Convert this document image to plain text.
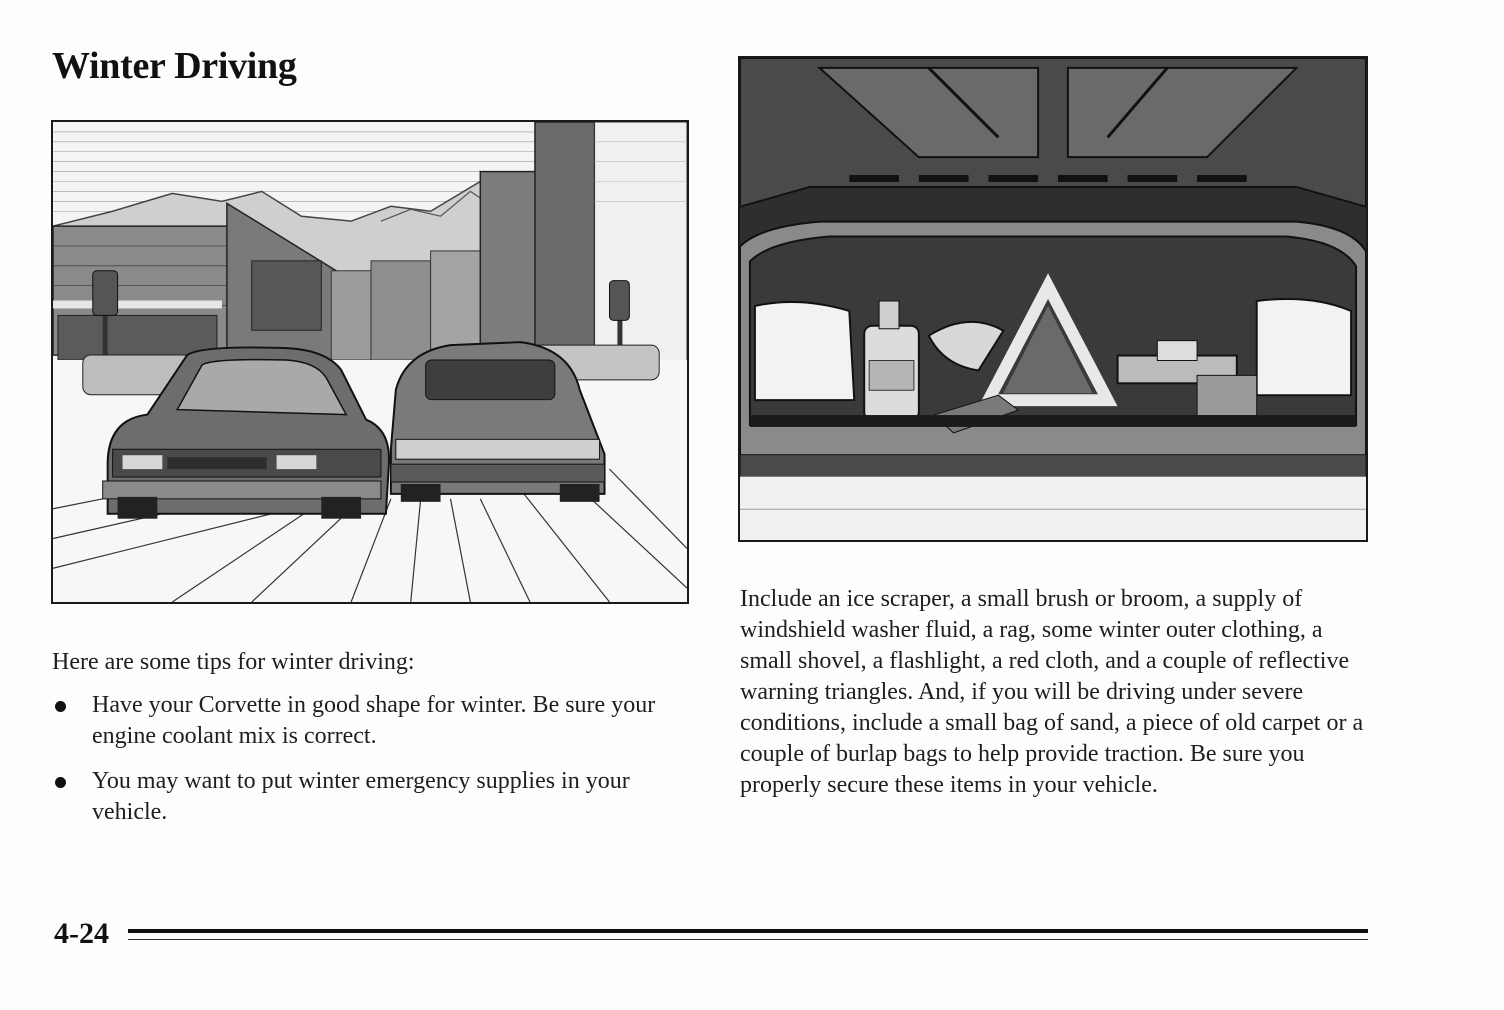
Winter Driving

Here are some tips for winter driving:

Have your Corvette in good shape for winter. Be sure your engine coolant mix is correct.
You may want to put winter emergency supplies in your vehicle.

Include an ice scraper, a small brush or broom, a supply of windshield washer fluid, a rag, some winter outer clothing, a small shovel, a flashlight, a red cloth, and a couple of reflective warning triangles. And, if you will be driving under severe conditions, include a small bag of sand, a piece of old carpet or a couple of burlap bags to help provide traction. Be sure you properly secure these items in your vehicle.

4-24
